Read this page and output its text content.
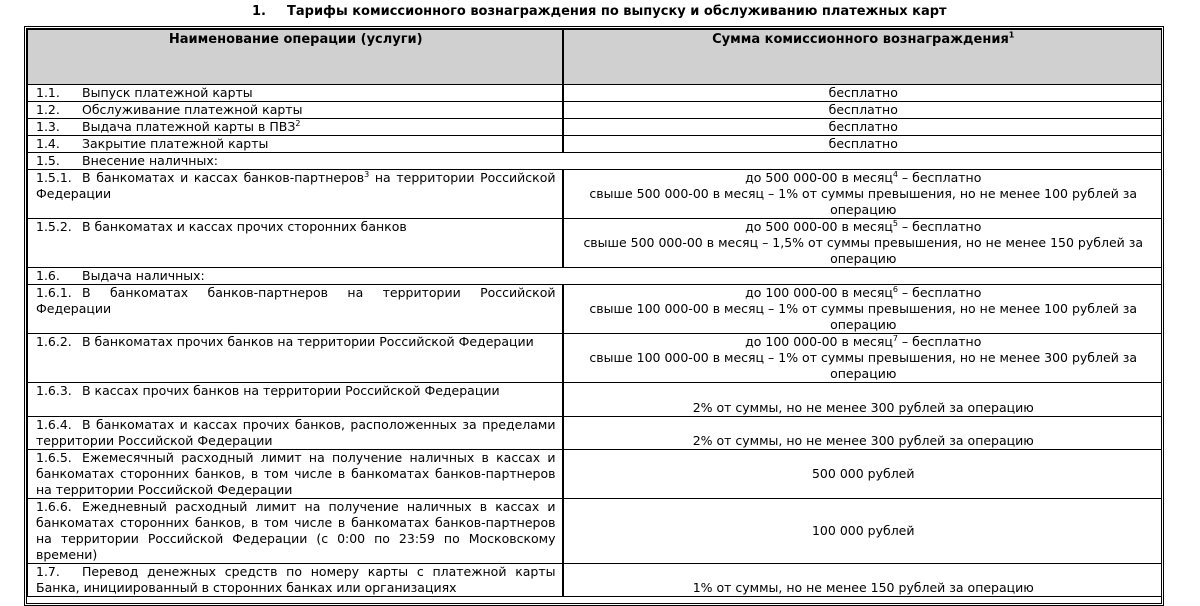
1. Тарифы комиссионного вознаграждения по выпуску и обслуживанию платежных карт
Наименование операции (услуги)	Сумма комиссионного вознаграждения$^1$
1.1. Выпуск платежной карты	бесплатно
1.2. Обслуживание платежной карты	бесплатно
1.3. Выдача платежной карты в ПВЗ$^2$	бесплатно
1.4. Закрытие платежной карты	бесплатно
1.5. Внесение наличных:	
1.5.1. В банкоматах и кассах банков-партнеров$^3$ на территории Российской Федерации	до 500 000-00 в месяц$^4$ – бесплатно
свыше 500 000-00 в месяц – 1% от суммы превышения, но не менее 100 рублей за операцию

1.5.2. В банкоматах и кассах прочих сторонних банков	до 500 000-00 в месяц$^5$ – бесплатно
свыше 500 000-00 в месяц – 1,5% от суммы превышения, но не менее 150 рублей за операцию

1.6. Выдача наличных:	
1.6.1. В банкоматах банков-партнеров на территории Российской Федерации	до 100 000-00 в месяц$^6$ – бесплатно
свыше 100 000-00 в месяц – 1% от суммы превышения, но не менее 100 рублей за операцию

1.6.2. В банкоматах прочих банков на территории Российской Федерации	до 100 000-00 в месяц$^7$ – бесплатно
свыше 100 000-00 в месяц – 1% от суммы превышения, но не менее 300 рублей за операцию

1.6.3. В кассах прочих банков на территории Российской Федерации	2% от суммы, но не менее 300 рублей за операцию
1.6.4. В банкоматах и кассах прочих банков, расположенных за пределами территории Российской Федерации	2% от суммы, но не менее 300 рублей за операцию
1.6.5. Ежемесячный расходный лимит на получение наличных в кассах и банкоматах сторонних банков, в том числе в банкоматах банков-партнеров на территории Российской Федерации	500 000 рублей
1.6.6. Ежедневный расходный лимит на получение наличных в кассах и банкоматах сторонних банков, в том числе в банкоматах банков-партнеров на территории Российской Федерации (с 0:00 по 23:59 по Московскому времени)	100 000 рублей
1.7. Перевод денежных средств по номеру карты с платежной карты Банка, инициированный в сторонних банках или организациях	1% от суммы, но не менее 150 рублей за операцию
